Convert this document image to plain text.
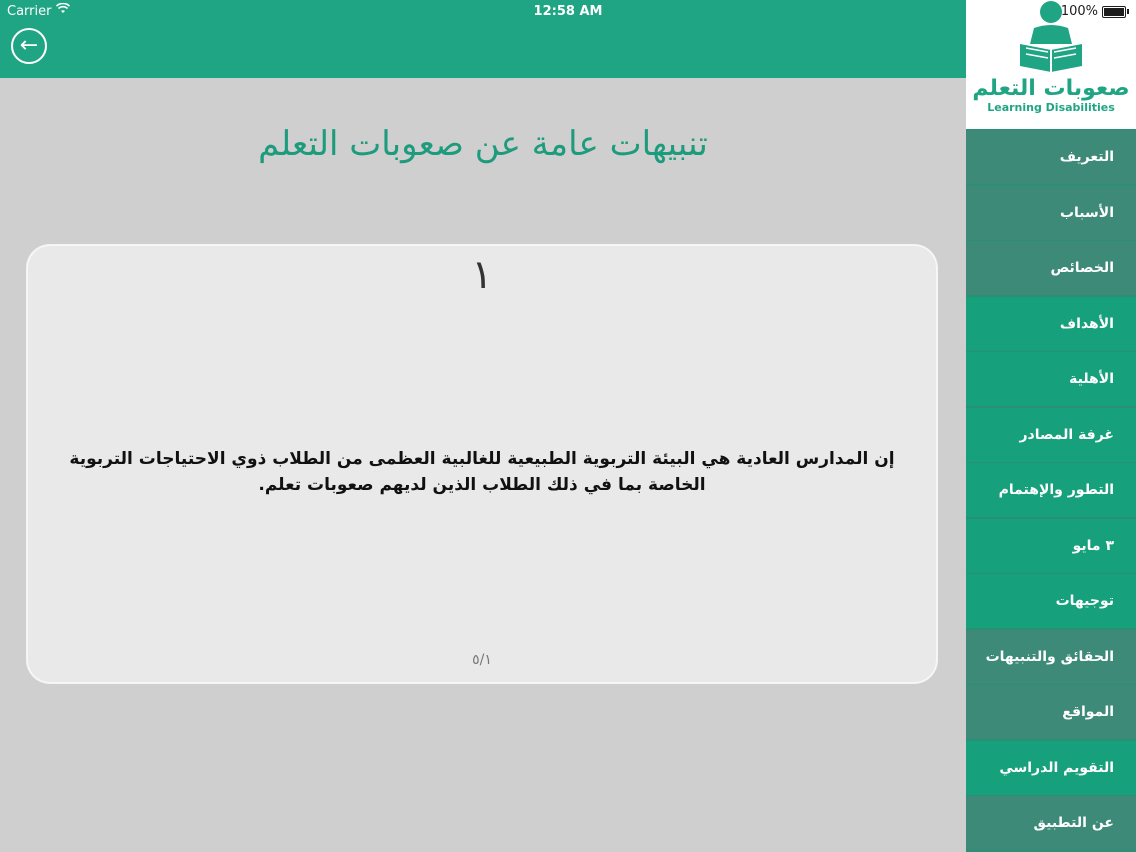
←
Carrier	12:58 AM	100%
تنبيهات عامة عن صعوبات التعلم
١
إن المدارس العادية هي البيئة التربوية الطبيعية للغالبية العظمى من الطلاب ذوي الاحتياجات التربوية الخاصة بما في ذلك الطلاب الذين لديهم صعوبات تعلم.
٥/١
صعوبات التعلم
Learning Disabilities
التعريف
الأسباب
الخصائص
الأهداف
الأهلية
غرفة المصادر
التطور والإهتمام
٣ مايو
توجيهات
الحقائق والتنبيهات
المواقع
التقويم الدراسي
عن التطبيق
